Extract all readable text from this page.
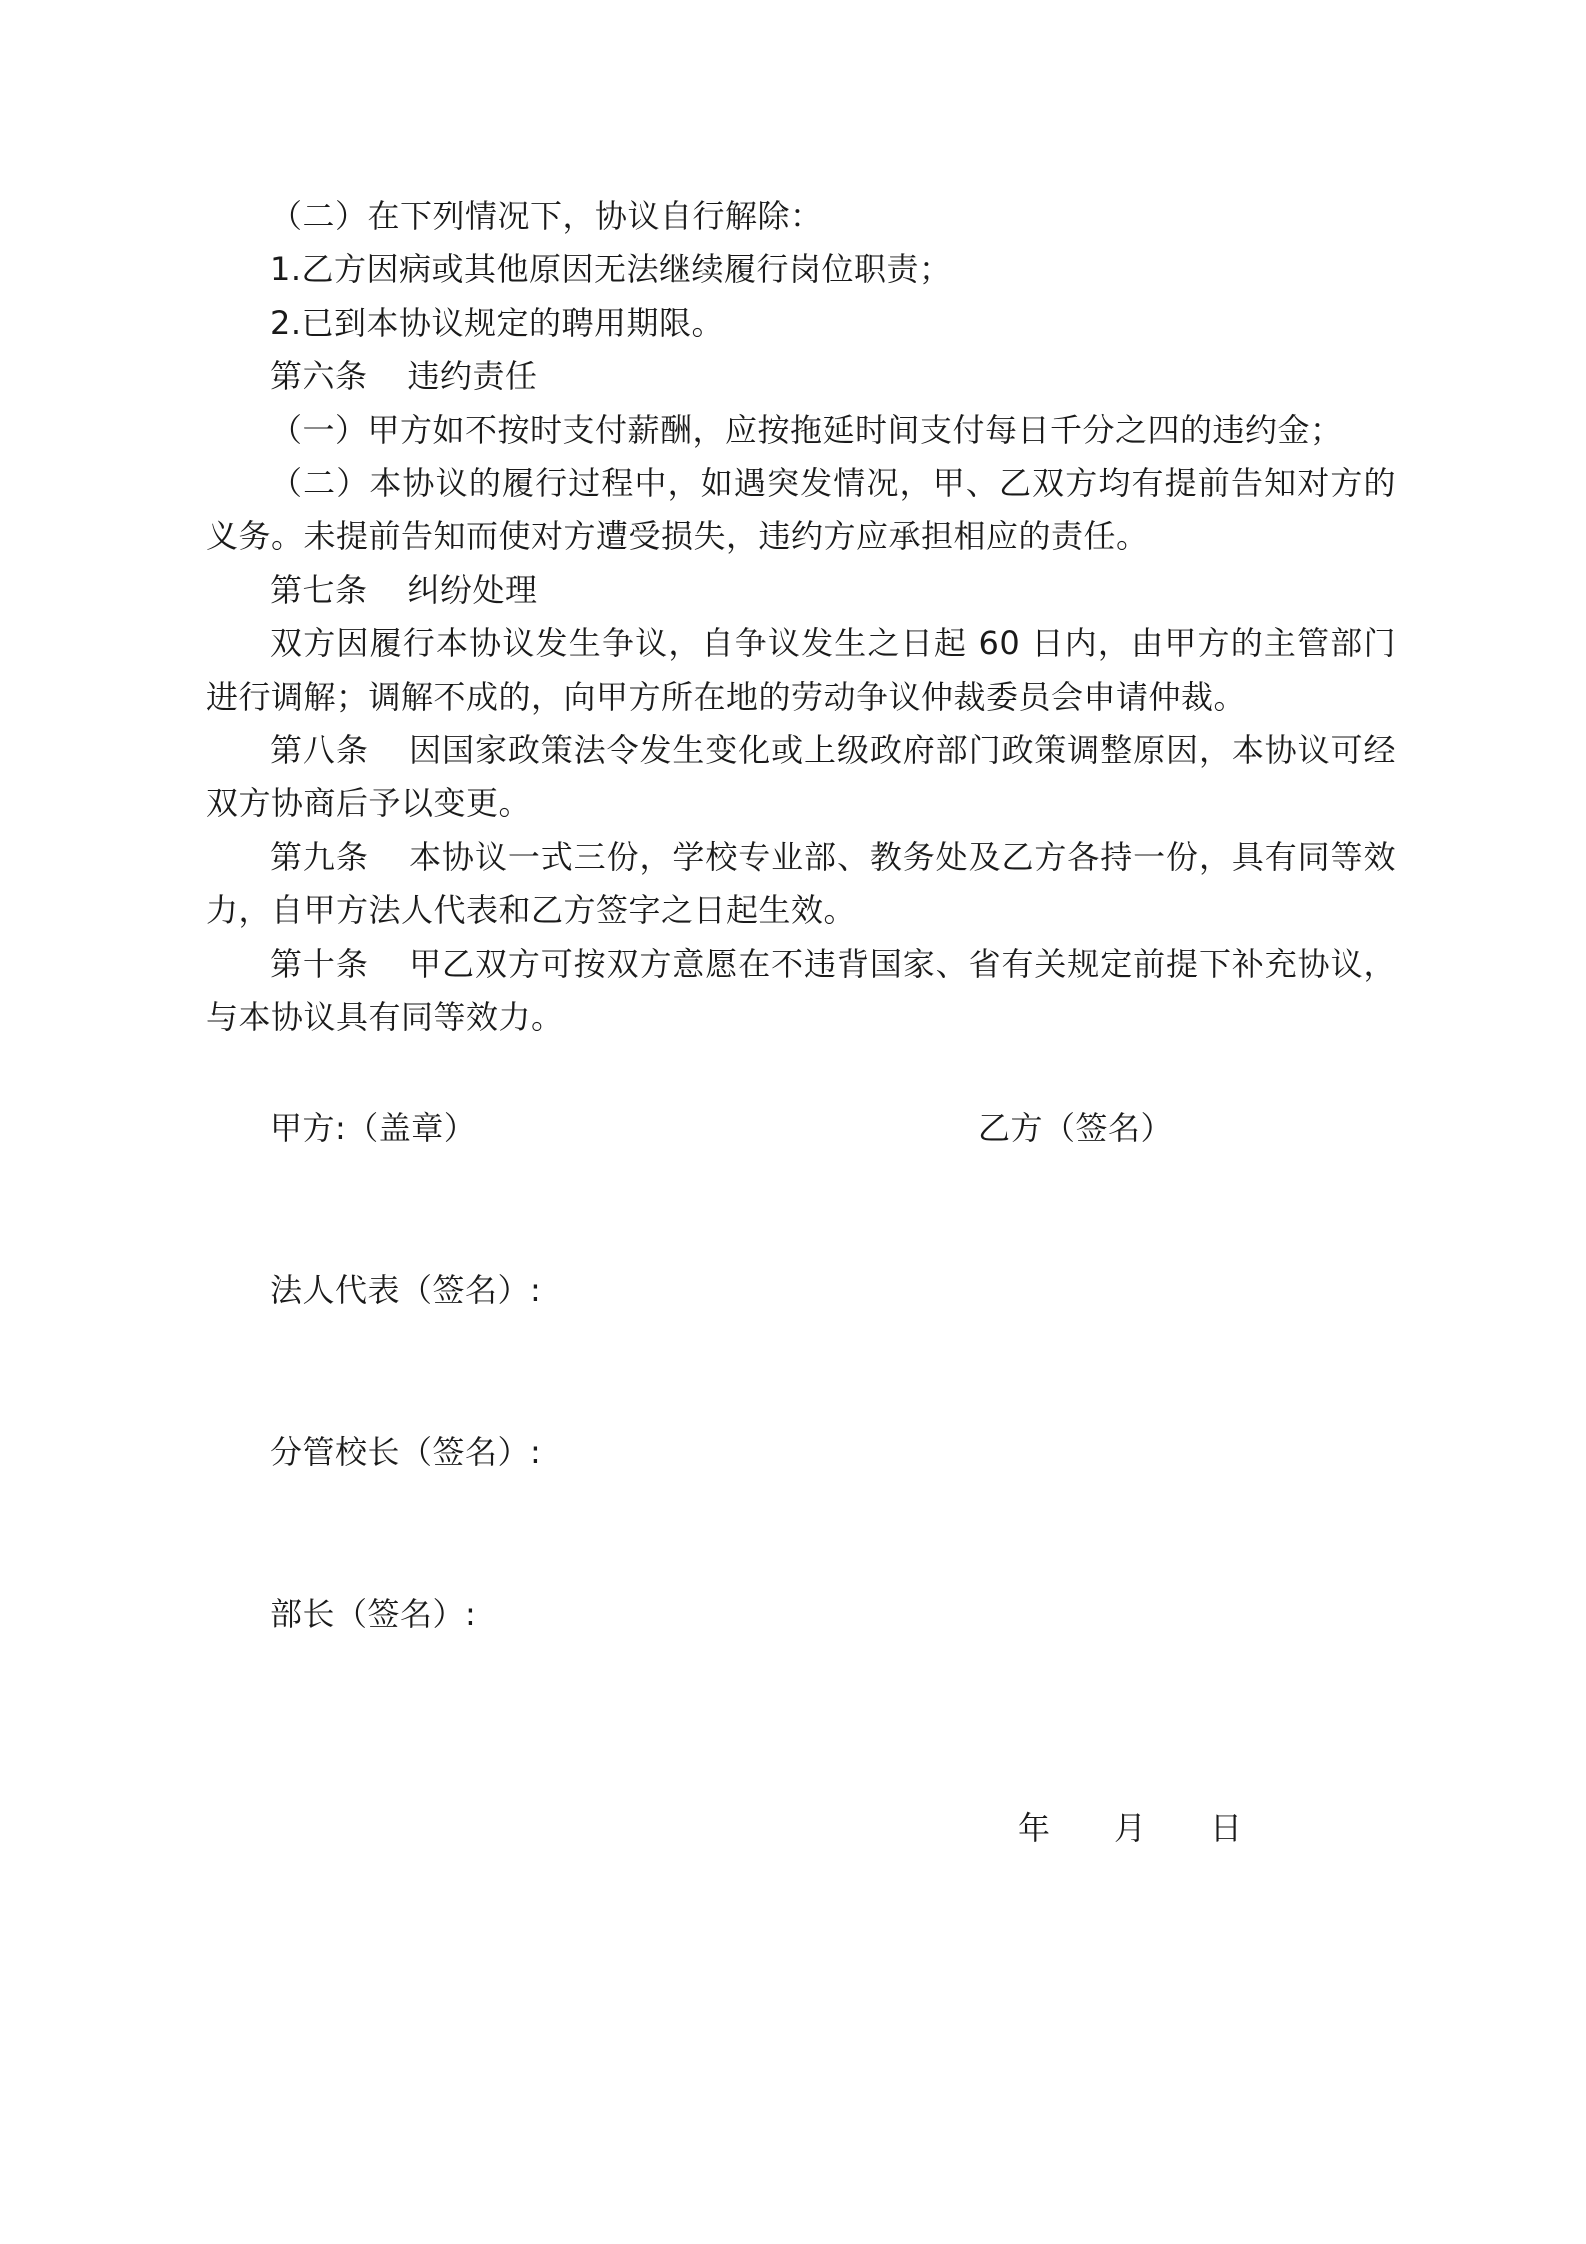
（二）在下列情况下，协议自行解除：

1.乙方因病或其他原因无法继续履行岗位职责；

2.已到本协议规定的聘用期限。

第六条 违约责任

（一）甲方如不按时支付薪酬，应按拖延时间支付每日千分之四的违约金；

（二）本协议的履行过程中，如遇突发情况，甲、乙双方均有提前告知对方的义务。未提前告知而使对方遭受损失，违约方应承担相应的责任。

第七条 纠纷处理

双方因履行本协议发生争议，自争议发生之日起 60 日内，由甲方的主管部门进行调解；调解不成的，向甲方所在地的劳动争议仲裁委员会申请仲裁。

第八条 因国家政策法令发生变化或上级政府部门政策调整原因，本协议可经双方协商后予以变更。

第九条 本协议一式三份，学校专业部、教务处及乙方各持一份，具有同等效力，自甲方法人代表和乙方签字之日起生效。

第十条 甲乙双方可按双方意愿在不违背国家、省有关规定前提下补充协议，与本协议具有同等效力。

甲方:（盖章）	乙方（签名）
法人代表（签名）:
分管校长（签名）:
部长（签名）:
年 月 日
